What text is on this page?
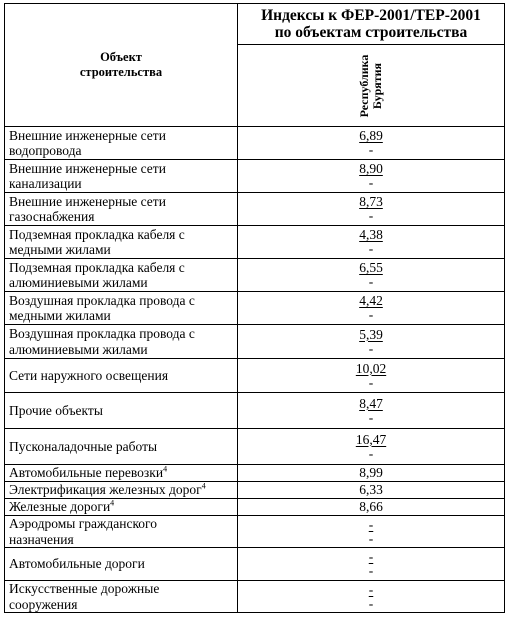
Объект
строительства	Индексы к ФЕР-2001/ТЕР-2001
по объектам строительства

	Республика Бурятия

Внешние инженерные сети
водопровода	6,89
-

Внешние инженерные сети
канализации	8,90
-

Внешние инженерные сети
газоснабжения	8,73
-

Подземная прокладка кабеля с
медными жилами	4,38
-

Подземная прокладка кабеля с
алюминиевыми жилами	6,55
-

Воздушная прокладка провода с
медными жилами	4,42
-

Воздушная прокладка провода с
алюминиевыми жилами	5,39
-

Сети наружного освещения	10,02
-

Прочие объекты	8,47
-

Пусконаладочные работы	16,47
-

Автомобильные перевозки$^4$	8,99

Электрификация железных дорог$^4$	6,33

Железные дороги$^4$	8,66

Аэродромы гражданского
назначения	-
-

Автомобильные дороги	-
-

Искусственные дорожные
сооружения	-
-
